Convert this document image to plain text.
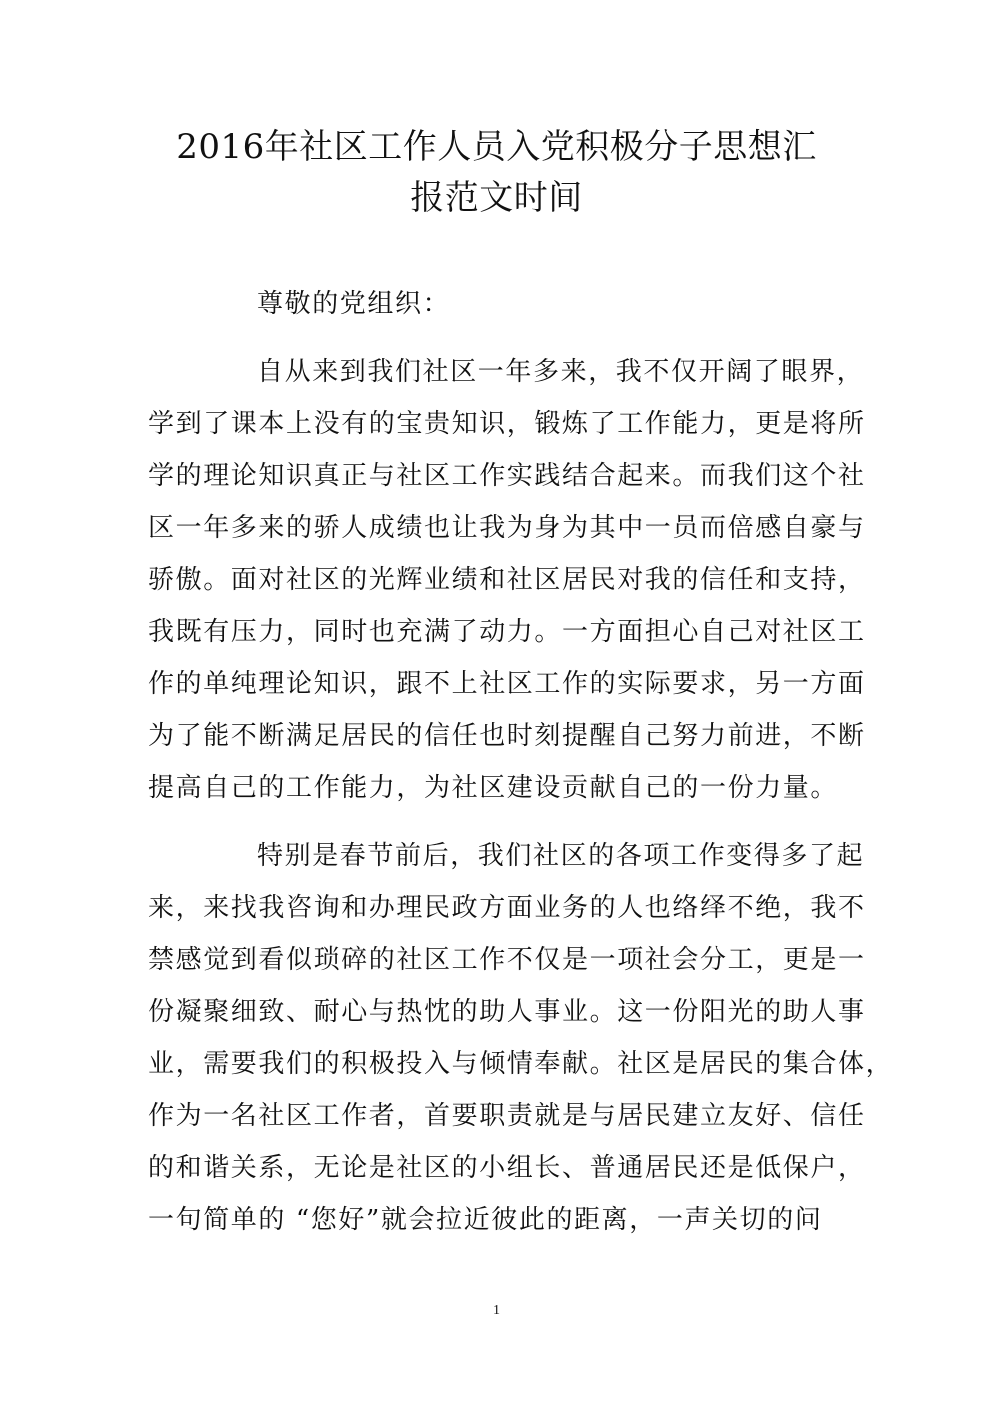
2016年社区工作人员入党积极分子思想汇
报范文时间
尊敬的党组织：
自从来到我们社区一年多来，我不仅开阔了眼界，
学到了课本上没有的宝贵知识，锻炼了工作能力，更是将所
学的理论知识真正与社区工作实践结合起来。而我们这个社
区一年多来的骄人成绩也让我为身为其中一员而倍感自豪与
骄傲。面对社区的光辉业绩和社区居民对我的信任和支持，
我既有压力，同时也充满了动力。一方面担心自己对社区工
作的单纯理论知识，跟不上社区工作的实际要求，另一方面
为了能不断满足居民的信任也时刻提醒自己努力前进，不断
提高自己的工作能力，为社区建设贡献自己的一份力量。
特别是春节前后，我们社区的各项工作变得多了起
来，来找我咨询和办理民政方面业务的人也络绎不绝，我不
禁感觉到看似琐碎的社区工作不仅是一项社会分工，更是一
份凝聚细致、耐心与热忱的助人事业。这一份阳光的助人事
业，需要我们的积极投入与倾情奉献。社区是居民的集合体，
作为一名社区工作者，首要职责就是与居民建立友好、信任
的和谐关系，无论是社区的小组长、普通居民还是低保户，
一句简单的 “您好”就会拉近彼此的距离，一声关切的问
1
